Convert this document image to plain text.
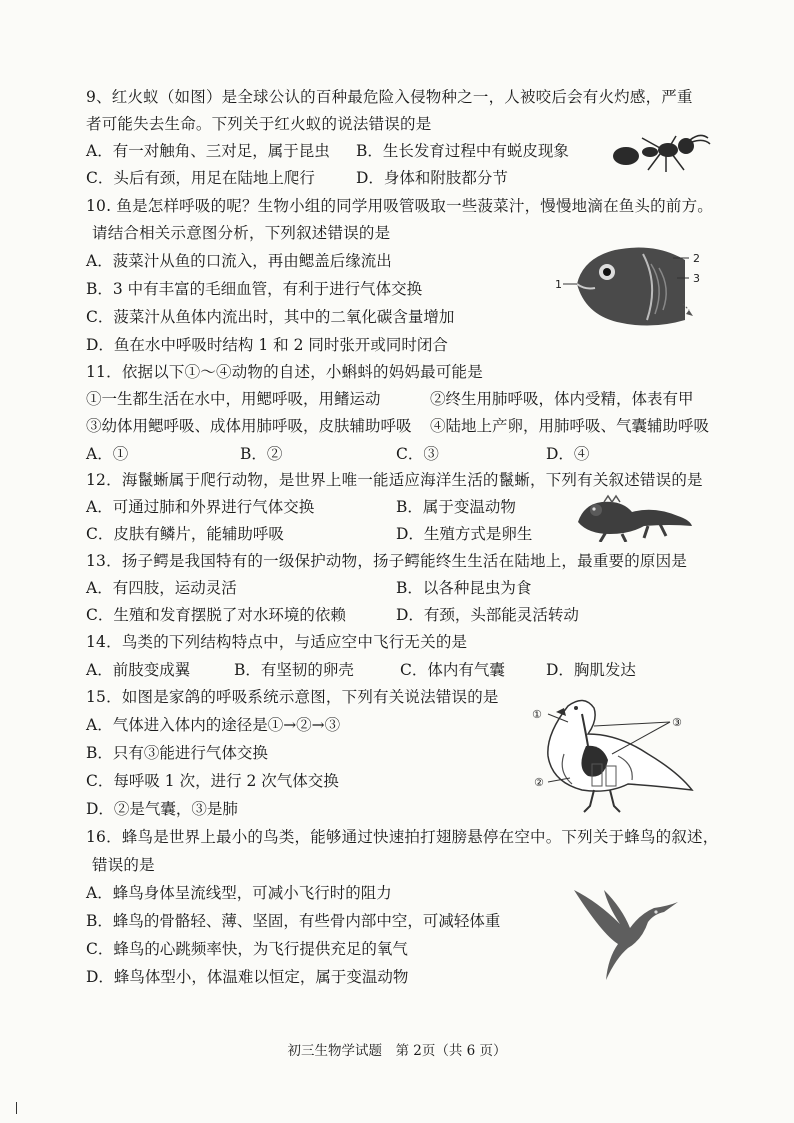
9、红火蚁（如图）是全球公认的百种最危险入侵物种之一，人被咬后会有火灼感，严重
者可能失去生命。下列关于红火蚁的说法错误的是
A．有一对触角、三对足，属于昆虫 B．生长发育过程中有蜕皮现象
C．头后有颈，用足在陆地上爬行	D．身体和附肢都分节
10. 鱼是怎样呼吸的呢？生物小组的同学用吸管吸取一些菠菜汁，慢慢地滴在鱼头的前方。
请结合相关示意图分析，下列叙述错误的是
A．菠菜汁从鱼的口流入，再由鳃盖后缘流出
B．3 中有丰富的毛细血管，有利于进行气体交换
C．菠菜汁从鱼体内流出时，其中的二氧化碳含量增加
D．鱼在水中呼吸时结构 1 和 2 同时张开或同时闭合
1
2
3
11．依据以下①～④动物的自述，小蝌蚪的妈妈最可能是
①一生都生活在水中，用鳃呼吸，用鳍运动	②终生用肺呼吸，体内受精，体表有甲
③幼体用鳃呼吸、成体用肺呼吸，皮肤辅助呼吸 ④陆地上产卵，用肺呼吸、气囊辅助呼吸
A．①	B．②	C．③	D．④
12．海鬣蜥属于爬行动物，是世界上唯一能适应海洋生活的鬣蜥，下列有关叙述错误的是
A．可通过肺和外界进行气体交换	B．属于变温动物
C．皮肤有鳞片，能辅助呼吸	D．生殖方式是卵生
13．扬子鳄是我国特有的一级保护动物，扬子鳄能终生生活在陆地上，最重要的原因是
A．有四肢，运动灵活	B．以各种昆虫为食
C．生殖和发育摆脱了对水环境的依赖	D．有颈，头部能灵活转动
14．鸟类的下列结构特点中，与适应空中飞行无关的是
A．前肢变成翼	B．有坚韧的卵壳	C．体内有气囊	D．胸肌发达
15．如图是家鸽的呼吸系统示意图，下列有关说法错误的是
A．气体进入体内的途径是①→②→③
B．只有③能进行气体交换
C．每呼吸 1 次，进行 2 次气体交换
D．②是气囊，③是肺
①
②
③
16．蜂鸟是世界上最小的鸟类，能够通过快速拍打翅膀悬停在空中。下列关于蜂鸟的叙述，
错误的是
A．蜂鸟身体呈流线型，可减小飞行时的阻力
B．蜂鸟的骨骼轻、薄、坚固，有些骨内部中空，可减轻体重
C．蜂鸟的心跳频率快，为飞行提供充足的氧气
D．蜂鸟体型小，体温难以恒定，属于变温动物
初三生物学试题　第 2页（共 6 页）
